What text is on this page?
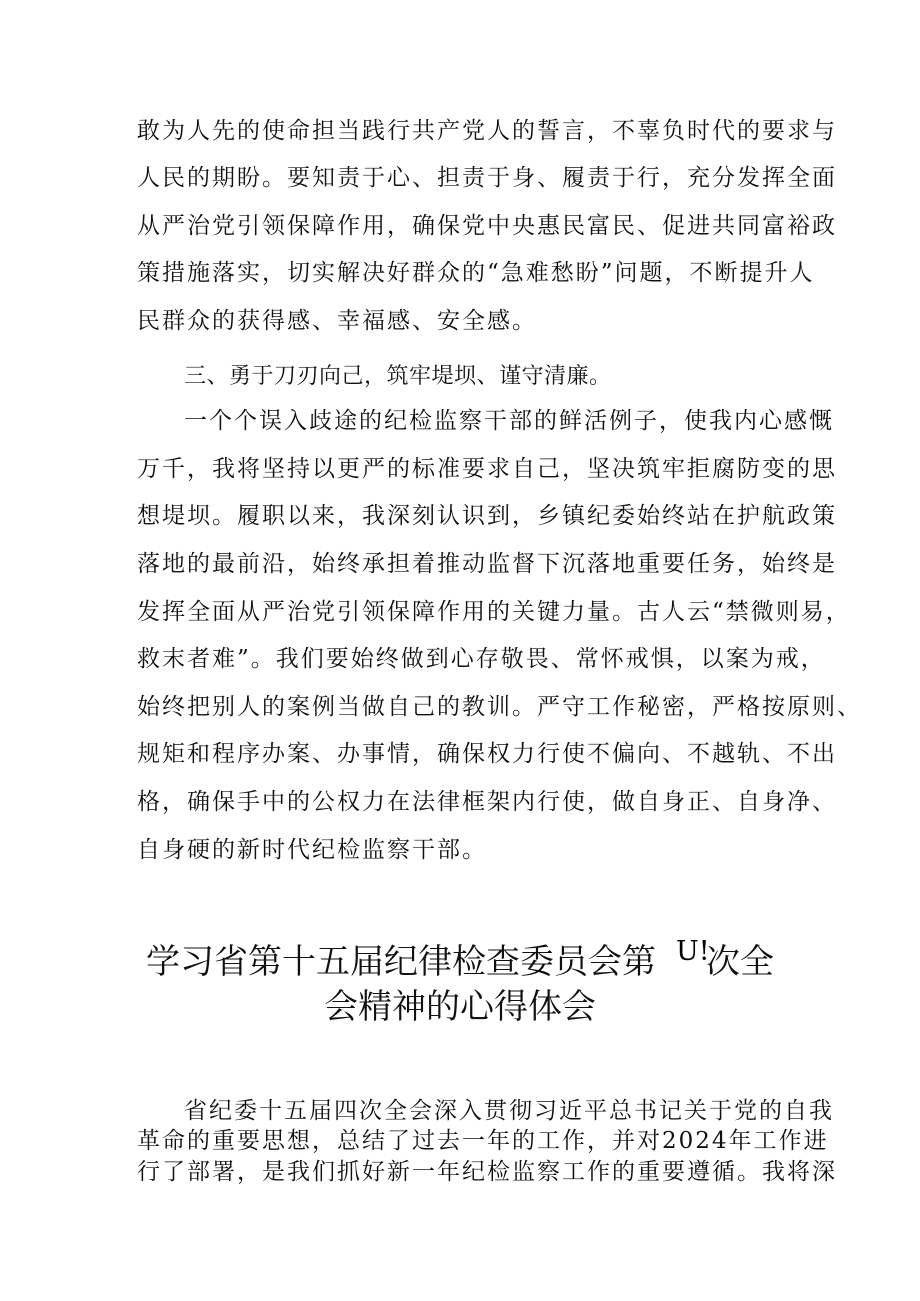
敢为人先的使命担当践行共产党人的誓言，不辜负时代的要求与
人民的期盼。要知责于心、担责于身、履责于行，充分发挥全面
从严治党引领保障作用，确保党中央惠民富民、促进共同富裕政
策措施落实，切实解决好群众的“急难愁盼”问题，不断提升人
民群众的获得感、幸福感、安全感。
三、勇于刀刃向己，筑牢堤坝、谨守清廉。
一个个误入歧途的纪检监察干部的鲜活例子，使我内心感慨
万千，我将坚持以更严的标准要求自己，坚决筑牢拒腐防变的思
想堤坝。履职以来，我深刻认识到，乡镇纪委始终站在护航政策
落地的最前沿，始终承担着推动监督下沉落地重要任务，始终是
发挥全面从严治党引领保障作用的关键力量。古人云“禁微则易，
救末者难”。我们要始终做到心存敬畏、常怀戒惧，以案为戒，
始终把别人的案例当做自己的教训。严守工作秘密，严格按原则、
规矩和程序办案、办事情，确保权力行使不偏向、不越轨、不出
格，确保手中的公权力在法律框架内行使，做自身正、自身净、
自身硬的新时代纪检监察干部。
学习省第十五届纪律检查委员会第 U!次全
会精神的心得体会
省纪委十五届四次全会深入贯彻习近平总书记关于党的自我
革命的重要思想，总结了过去一年的工作，并对2024年工作进
行了部署，是我们抓好新一年纪检监察工作的重要遵循。我将深
